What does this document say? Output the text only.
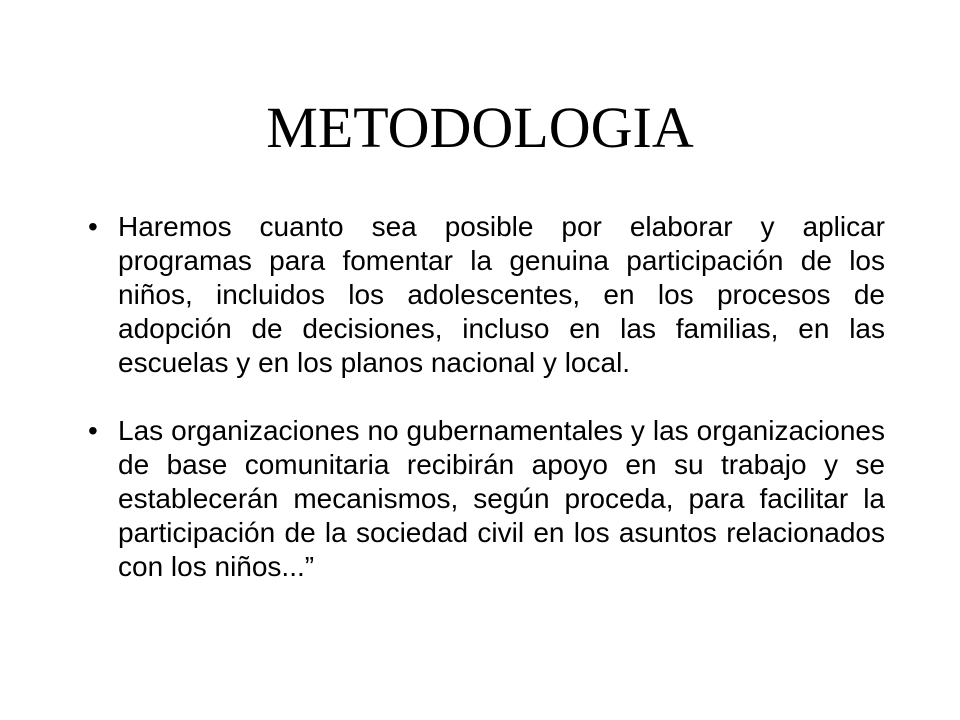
METODOLOGIA
• Haremos cuanto sea posible por elaborar y aplicar programas para fomentar la genuina participación de los niños, incluidos los adolescentes, en los procesos de adopción de decisiones, incluso en las familias, en las escuelas y en los planos nacional y local.
• Las organizaciones no gubernamentales y las organizaciones de base comunitaria recibirán apoyo en su trabajo y se establecerán mecanismos, según proceda, para facilitar la participación de la sociedad civil en los asuntos relacionados con los niños...”
